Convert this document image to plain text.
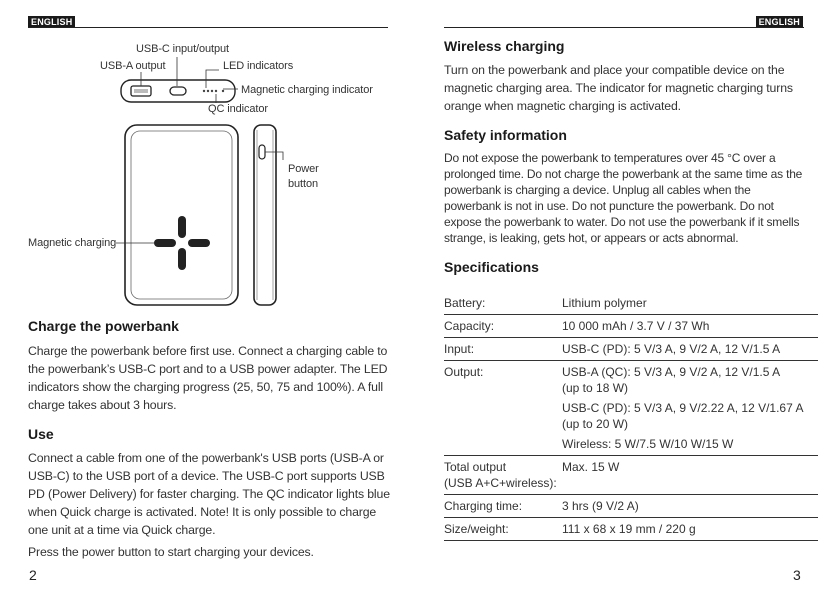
ENGLISH	ENGLISH
USB-C input/output
USB-A output	LED indicators
Magnetic charging indicator
QC indicator
Power button
Magnetic charging
Charge the powerbank

Charge the powerbank before first use. Connect a charging cable to the powerbank’s USB-C port and to a USB power adapter. The LED indicators show the charging progress (25, 50, 75 and 100%). A full charge takes about 3 hours.

Use

Connect a cable from one of the powerbank's USB ports (USB-A or USB-C) to the USB port of a device. The USB-C port supports USB PD (Power Delivery) for faster charging. The QC indicator lights blue when Quick charge is activated. Note! It is only possible to charge one unit at a time via Quick charge.

Press the power button to start charging your devices.

2
Wireless charging

Turn on the powerbank and place your compatible device on the magnetic charging area. The indicator for magnetic charging turns orange when magnetic charging is activated.

Safety information

Do not expose the powerbank to temperatures over 45 °C over a prolonged time. Do not charge the powerbank at the same time as the powerbank is charging a device. Unplug all cables when the powerbank is not in use. Do not puncture the powerbank. Do not expose the powerbank to water. Do not use the powerbank if it smells strange, is leaking, gets hot, or appears or acts abnormal.

Specifications
Battery:	Lithium polymer
Capacity:	10 000 mAh / 3.7 V / 37 Wh
Input:	USB-C (PD): 5 V/3 A, 9 V/2 A, 12 V/1.5 A
Output:	USB-A (QC): 5 V/3 A, 9 V/2 A, 12 V/1.5 A
(up to 18 W)
USB-C (PD): 5 V/3 A, 9 V/2.22 A, 12 V/1.67 A
(up to 20 W)
Wireless: 5 W/7.5 W/10 W/15 W

Total output
(USB A+C+wireless):	Max. 15 W
Charging time:	3 hrs (9 V/2 A)
Size/weight:	111 x 68 x 19 mm / 220 g
3
